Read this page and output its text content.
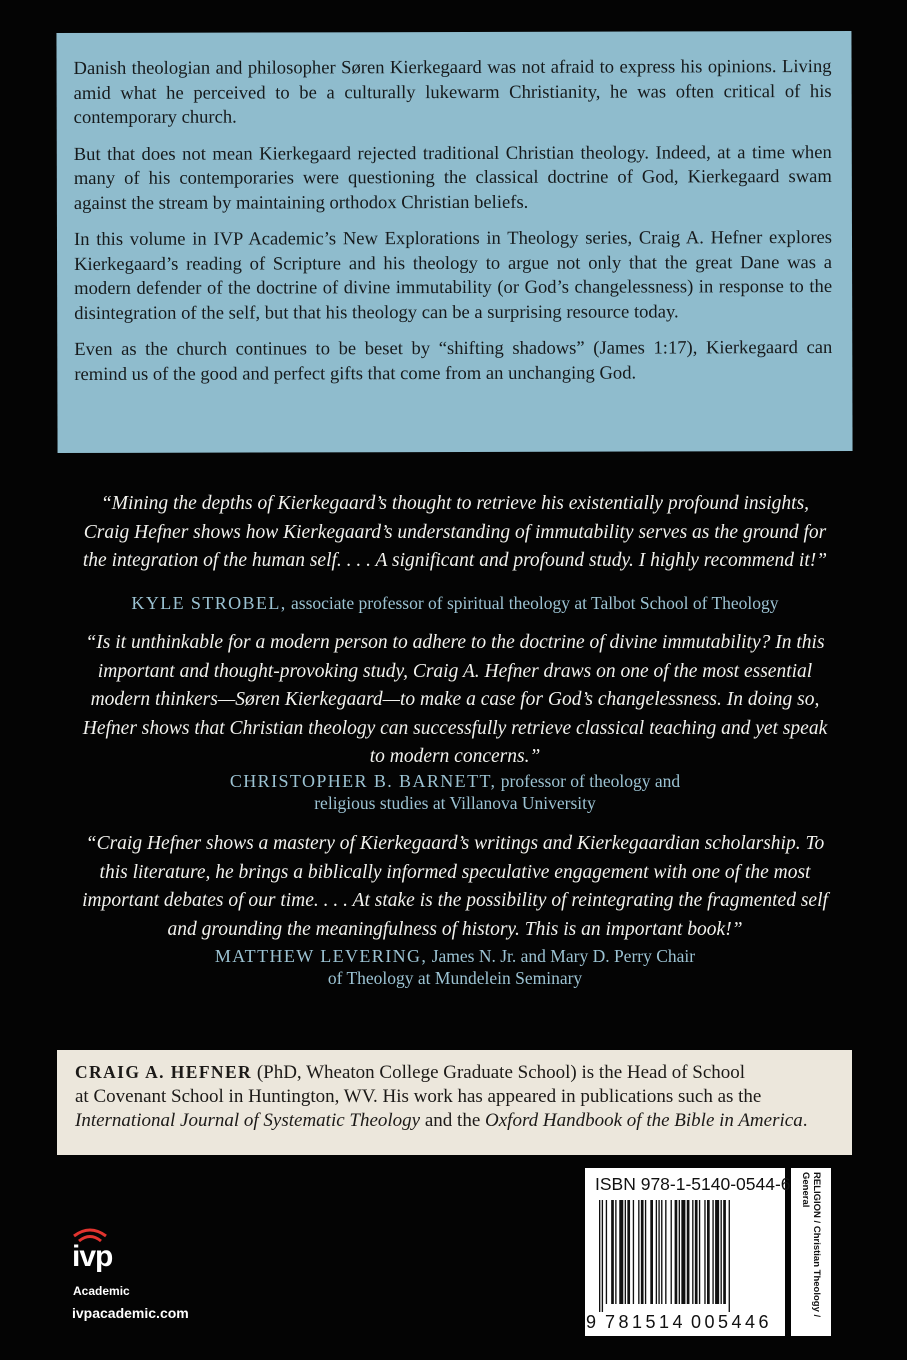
Danish theologian and philosopher Søren Kierkegaard was not afraid to express his opinions. Living amid what he perceived to be a culturally lukewarm Christianity, he was often critical of his contemporary church.

But that does not mean Kierkegaard rejected traditional Christian theology. Indeed, at a time when many of his contemporaries were questioning the classical doctrine of God, Kierkegaard swam against the stream by maintaining orthodox Christian beliefs.

In this volume in IVP Academic’s New Explorations in Theology series, Craig A. Hefner explores Kierkegaard’s reading of Scripture and his theology to argue not only that the great Dane was a modern defender of the doctrine of divine immutability (or God’s changelessness) in response to the disintegration of the self, but that his theology can be a surprising resource today.

Even as the church continues to be beset by “shifting shadows” (James 1:17), Kierkegaard can remind us of the good and perfect gifts that come from an unchanging God.

“Mining the depths of Kierkegaard’s thought to retrieve his existentially profound insights,
Craig Hefner shows how Kierkegaard’s understanding of immutability serves as the ground for
the integration of the human self. . . . A significant and profound study. I highly recommend it!”
KYLE STROBEL, associate professor of spiritual theology at Talbot School of Theology
“Is it unthinkable for a modern person to adhere to the doctrine of divine immutability? In this
important and thought-provoking study, Craig A. Hefner draws on one of the most essential
modern thinkers—Søren Kierkegaard—to make a case for God’s changelessness. In doing so,
Hefner shows that Christian theology can successfully retrieve classical teaching and yet speak
to modern concerns.”
CHRISTOPHER B. BARNETT, professor of theology and
religious studies at Villanova University
“Craig Hefner shows a mastery of Kierkegaard’s writings and Kierkegaardian scholarship. To
this literature, he brings a biblically informed speculative engagement with one of the most
important debates of our time. . . . At stake is the possibility of reintegrating the fragmented self
and grounding the meaningfulness of history. This is an important book!”
MATTHEW LEVERING, James N. Jr. and Mary D. Perry Chair
of Theology at Mundelein Seminary
CRAIG A. HEFNER (PhD, Wheaton College Graduate School) is the Head of School
at Covenant School in Huntington, WV. His work has appeared in publications such as the
International Journal of Systematic Theology and the Oxford Handbook of the Bible in America.
ivp
Academic
ivpacademic.com
ISBN 978-1-5140-0544-6
9 781514 005446
RELIGION / Christian Theology /
General
